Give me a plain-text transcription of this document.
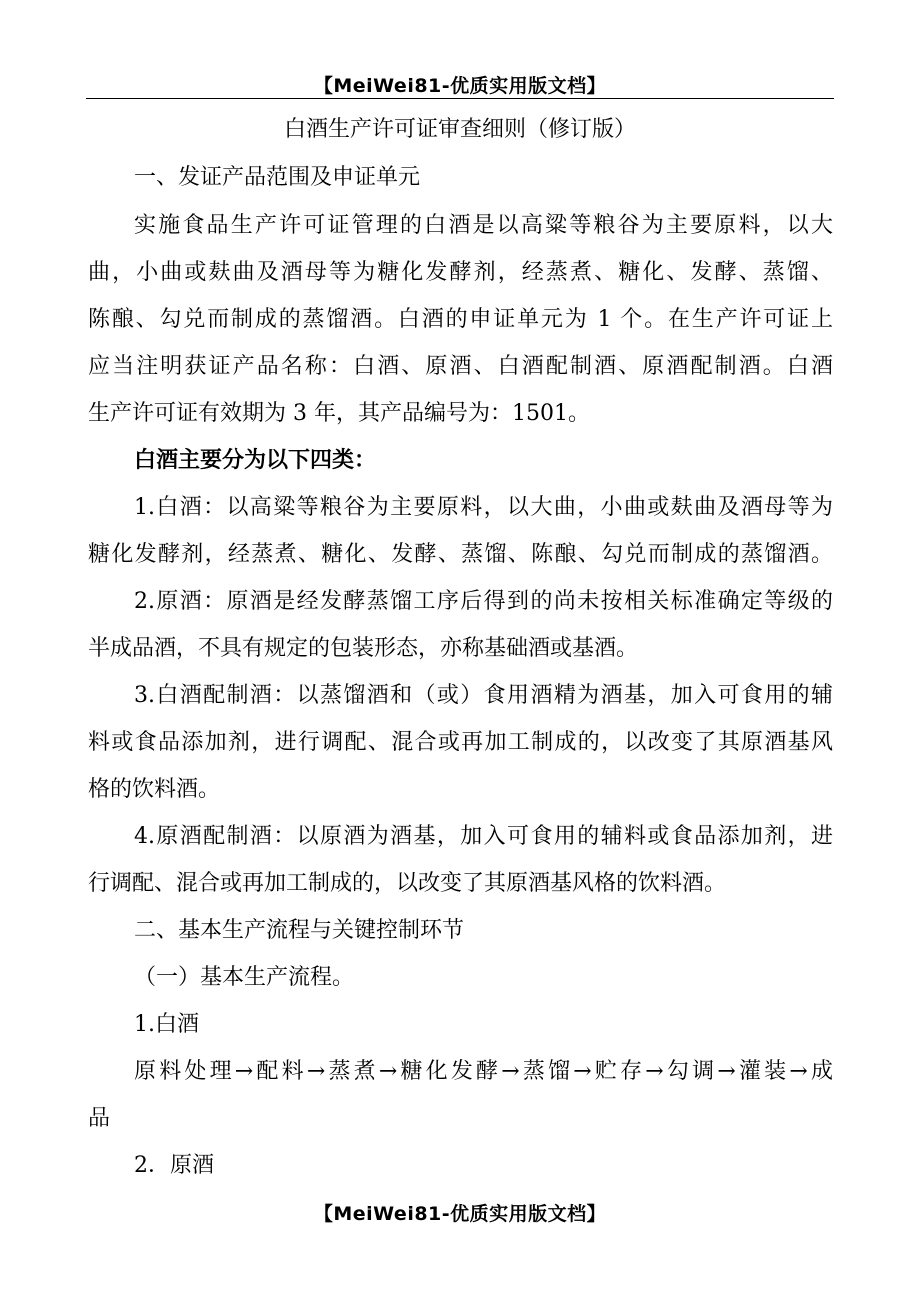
【MeiWei81-优质实用版文档】
白酒生产许可证审查细则（修订版）
一、发证产品范围及申证单元
实施食品生产许可证管理的白酒是以高粱等粮谷为主要原料，以大
曲，小曲或麸曲及酒母等为糖化发酵剂，经蒸煮、糖化、发酵、蒸馏、
陈酿、勾兑而制成的蒸馏酒。白酒的申证单元为 1 个。在生产许可证上
应当注明获证产品名称：白酒、原酒、白酒配制酒、原酒配制酒。白酒
生产许可证有效期为 3 年，其产品编号为：1501。
白酒主要分为以下四类：
1.白酒：以高粱等粮谷为主要原料，以大曲，小曲或麸曲及酒母等为
糖化发酵剂，经蒸煮、糖化、发酵、蒸馏、陈酿、勾兑而制成的蒸馏酒。
2.原酒：原酒是经发酵蒸馏工序后得到的尚未按相关标准确定等级的
半成品酒，不具有规定的包装形态，亦称基础酒或基酒。
3.白酒配制酒：以蒸馏酒和（或）食用酒精为酒基，加入可食用的辅
料或食品添加剂，进行调配、混合或再加工制成的，以改变了其原酒基风
格的饮料酒。
4.原酒配制酒：以原酒为酒基，加入可食用的辅料或食品添加剂，进
行调配、混合或再加工制成的，以改变了其原酒基风格的饮料酒。
二、基本生产流程与关键控制环节
（一）基本生产流程。
1.白酒
原料处理→配料→蒸煮→糖化发酵→蒸馏→贮存→勾调→灌装→成
品
2．原酒
【MeiWei81-优质实用版文档】
